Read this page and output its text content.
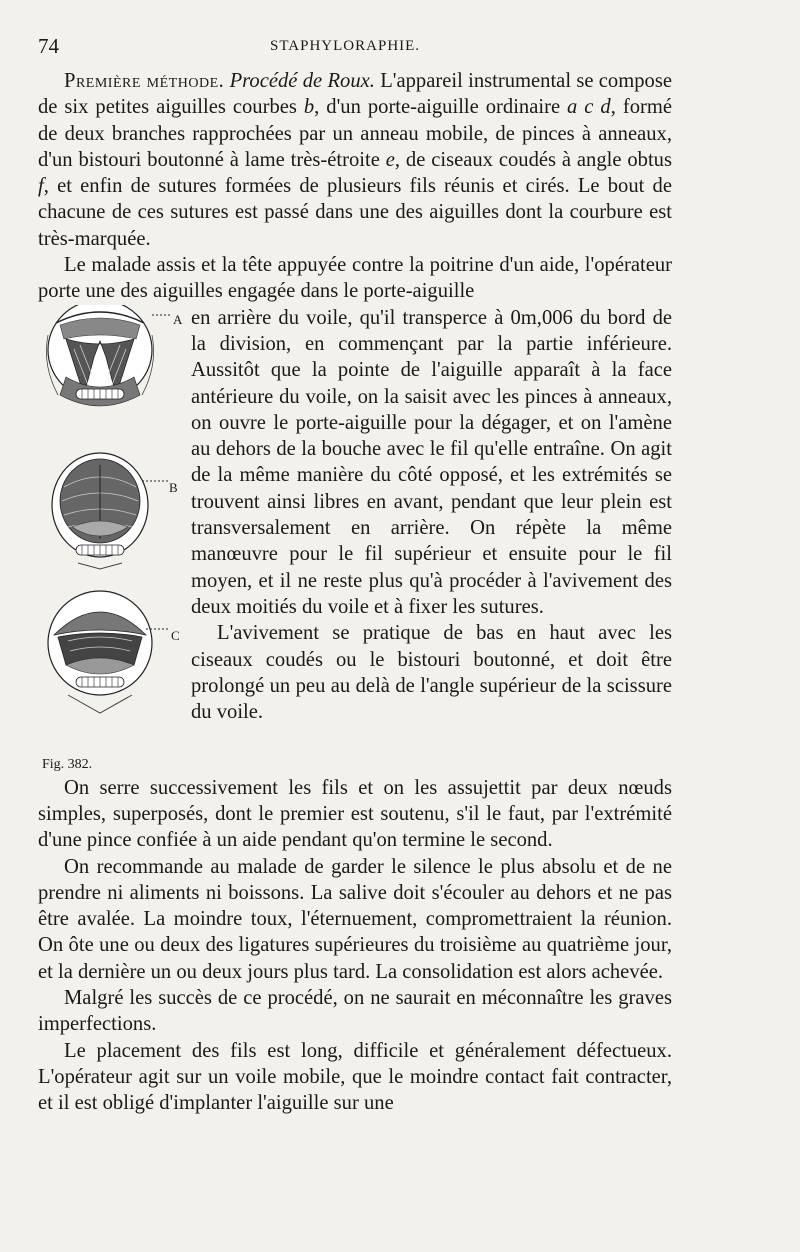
74	STAPHYLORAPHIE.

Première méthode. Procédé de Roux. L'appareil instrumental se compose de six petites aiguilles courbes b, d'un porte-aiguille ordinaire a c d, formé de deux branches rapprochées par un anneau mobile, de pinces à anneaux, d'un bistouri boutonné à lame très-étroite e, de ciseaux coudés à angle obtus f, et enfin de sutures formées de plusieurs fils réunis et cirés. Le bout de chacune de ces sutures est passé dans une des aiguilles dont la courbure est très-marquée.

Le malade assis et la tête appuyée contre la poitrine d'un aide, l'opérateur porte une des aiguilles engagée dans le porte-aiguille

A
B
C
Fig. 382.

en arrière du voile, qu'il transperce à 0m,006 du bord de la division, en commençant par la partie inférieure. Aussitôt que la pointe de l'aiguille apparaît à la face antérieure du voile, on la saisit avec les pinces à anneaux, on ouvre le porte-aiguille pour la dégager, et on l'amène au dehors de la bouche avec le fil qu'elle entraîne. On agit de la même manière du côté opposé, et les extrémités se trouvent ainsi libres en avant, pendant que leur plein est transversalement en arrière. On répète la même manœuvre pour le fil supérieur et ensuite pour le fil moyen, et il ne reste plus qu'à procéder à l'avivement des deux moitiés du voile et à fixer les sutures.

L'avivement se pratique de bas en haut avec les ciseaux coudés ou le bistouri boutonné, et doit être prolongé un peu au delà de l'angle supérieur de la scissure du voile.

On serre successivement les fils et on les assujettit par deux nœuds simples, superposés, dont le premier est soutenu, s'il le faut, par l'extrémité d'une pince confiée à un aide pendant qu'on termine le second.

On recommande au malade de garder le silence le plus absolu et de ne prendre ni aliments ni boissons. La salive doit s'écouler au dehors et ne pas être avalée. La moindre toux, l'éternuement, compromettraient la réunion. On ôte une ou deux des ligatures supérieures du troisième au quatrième jour, et la dernière un ou deux jours plus tard. La consolidation est alors achevée.

Malgré les succès de ce procédé, on ne saurait en méconnaître les graves imperfections.

Le placement des fils est long, difficile et généralement défectueux. L'opérateur agit sur un voile mobile, que le moindre contact fait contracter, et il est obligé d'implanter l'aiguille sur une
